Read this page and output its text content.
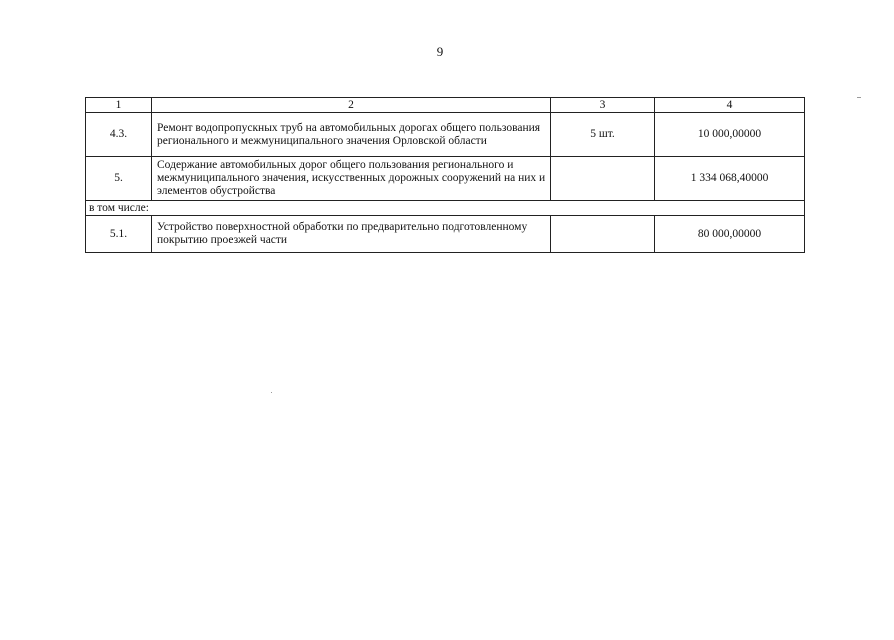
9
1	2	3	4
4.3.	Ремонт водопропускных труб на автомобильных дорогах общего пользования регионального и межмуниципального значения Орловской области	5 шт.	10 000,00000
5.	Содержание автомобильных дорог общего пользования регионального и межмуниципального значения, искусственных дорожных сооружений на них и элементов обустройства		1 334 068,40000
в том числе:			
5.1.	Устройство поверхностной обработки по предварительно подготовленному покрытию проезжей части		80 000,00000
